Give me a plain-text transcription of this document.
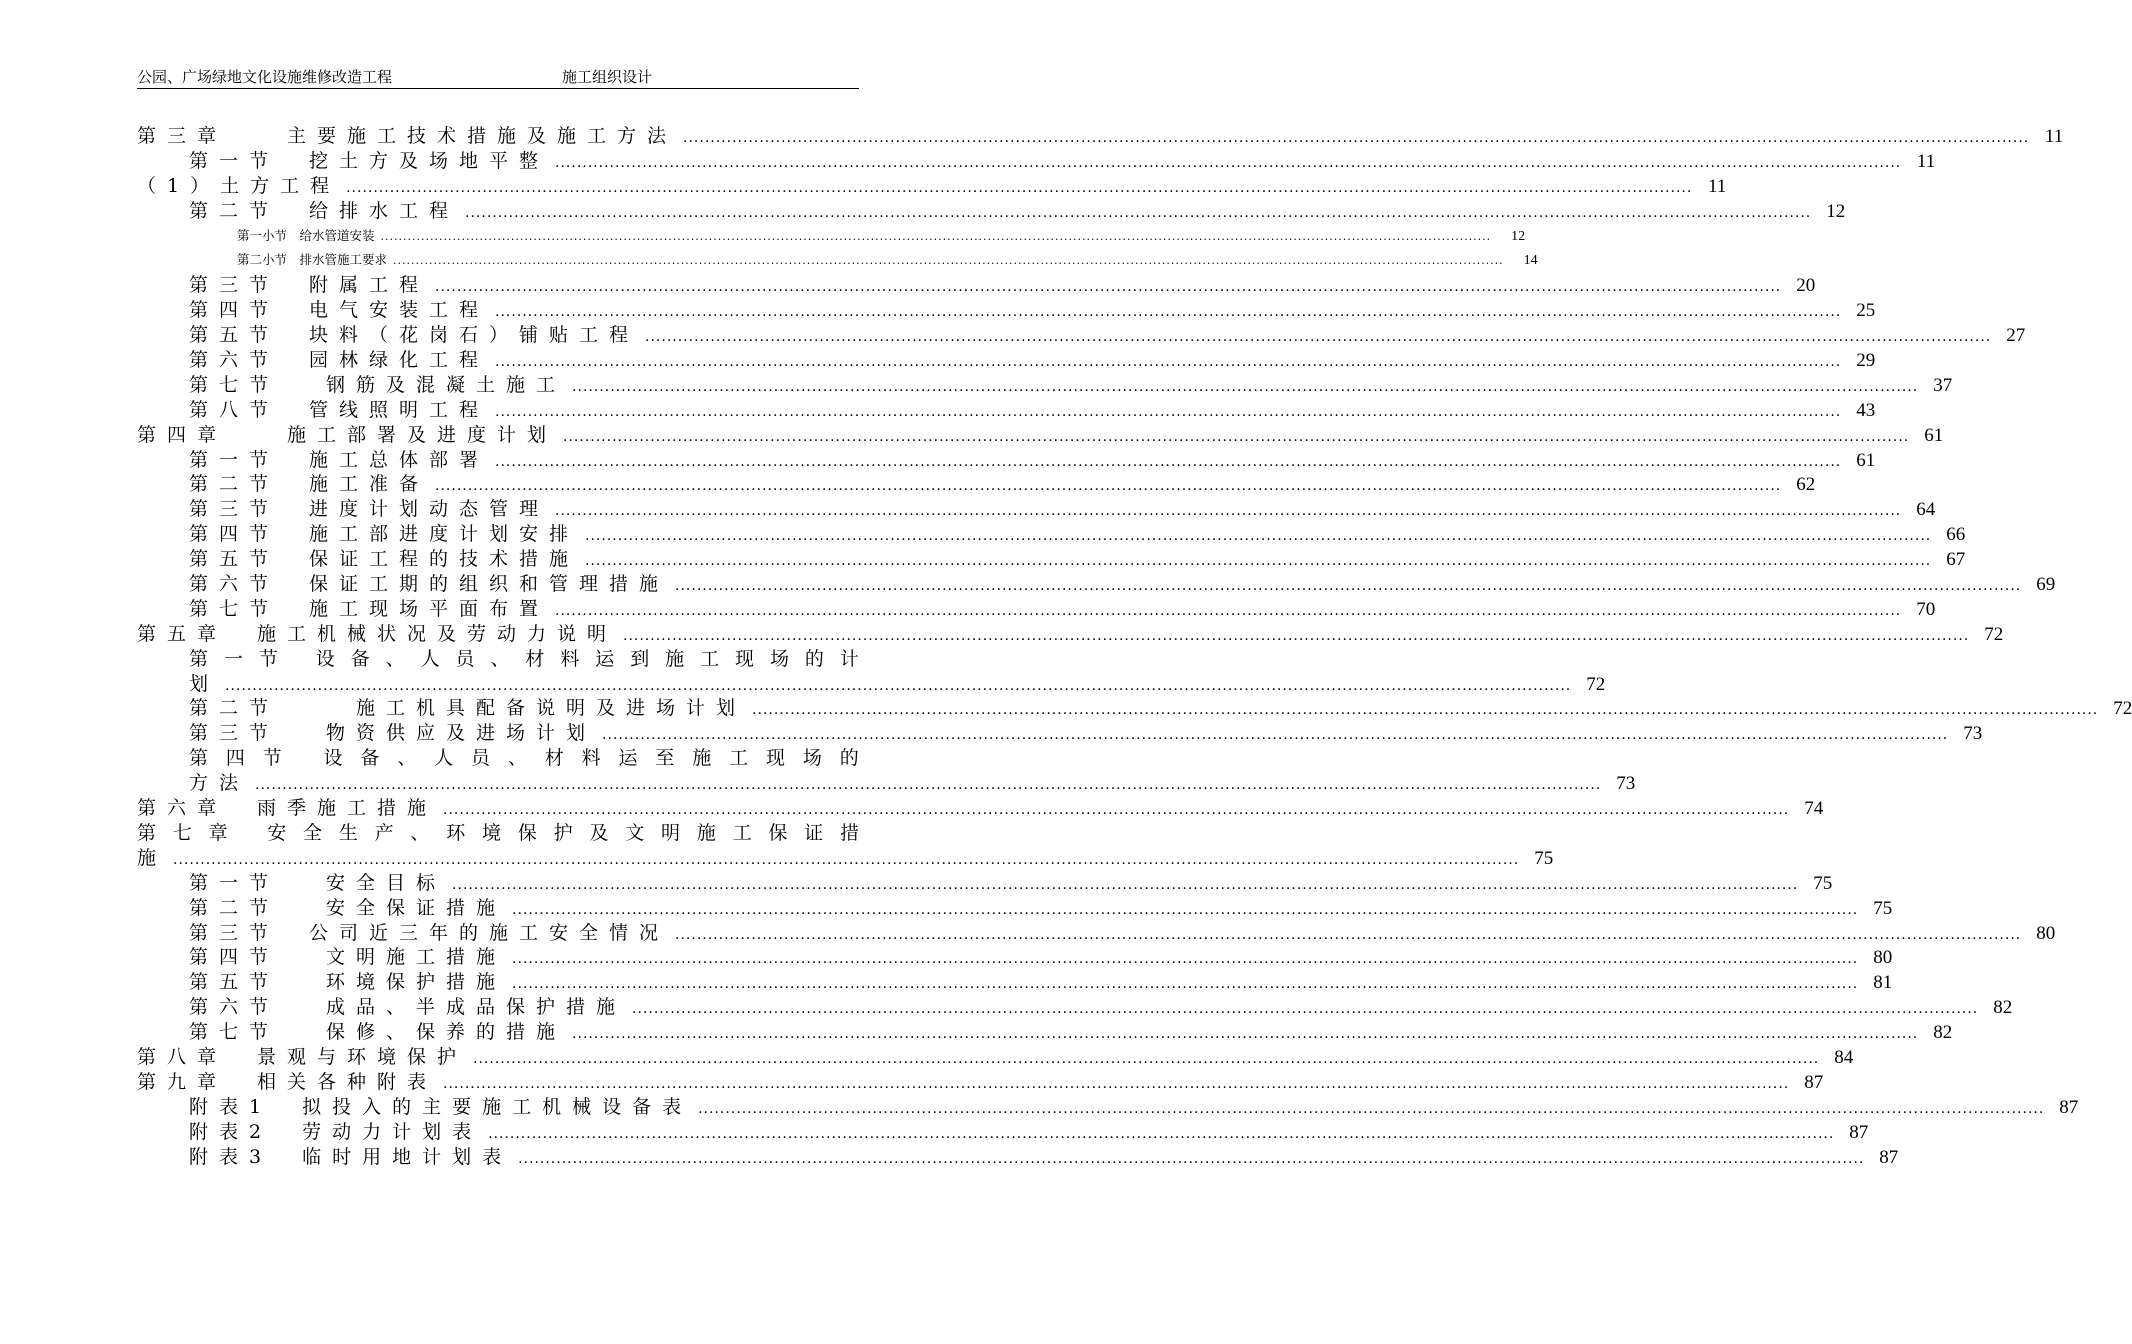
公园、广场绿地文化设施维修改造工程	施工组织设计
第三章　　主要施工技术措施及施工方法 .....	11
第一节　挖土方及场地平整 .....	11
（1）土方工程 .....	11
第二节　给排水工程 .....	12
第一小节　给水管道安装 .....	12
第二小节　排水管施工要求 .....	14
第三节　附属工程 .....	20
第四节　电气安装工程 .....	25
第五节　块料（花岗石）铺贴工程 .....	27
第六节　园林绿化工程 .....	29
第七节　 钢筋及混凝土施工 .....	37
第八节　管线照明工程 .....	43
第四章　　施工部署及进度计划 .....	61
第一节　施工总体部署 .....	61
第二节　施工准备 .....	62
第三节　进度计划动态管理 .....	64
第四节　施工部进度计划安排 .....	66
第五节　保证工程的技术措施 .....	67
第六节　保证工期的组织和管理措施 .....	69
第七节　施工现场平面布置 .....	70
第五章　施工机械状况及劳动力说明 .....	72
第 一 节
设 备 、 人 员 、 材 料 运 到 施 工 现 场 的 计
划 .....	72
第二节　　 施工机具配备说明及进场计划 .....	72
第三节　 物资供应及进场计划 .....	73
第 四 节
设 备 、 人 员 、 材 料 运 至 施 工 现 场 的
方法 .....	73
第六章　雨季施工措施 .....	74
第 七 章
安 全 生 产 、 环 境 保 护 及 文 明 施 工 保 证 措
施 .....	75
第一节　 安全目标 .....	75
第二节　 安全保证措施 .....	75
第三节　公司近三年的施工安全情况 .....	80
第四节　 文明施工措施 .....	80
第五节　 环境保护措施 .....	81
第六节　 成品、半成品保护措施 .....	82
第七节　 保修、保养的措施 .....	82
第八章　景观与环境保护 .....	84
第九章　相关各种附表 .....	87
附表1　拟投入的主要施工机械设备表 .....	87
附表2　劳动力计划表 .....	87
附表3　临时用地计划表 .....	87
